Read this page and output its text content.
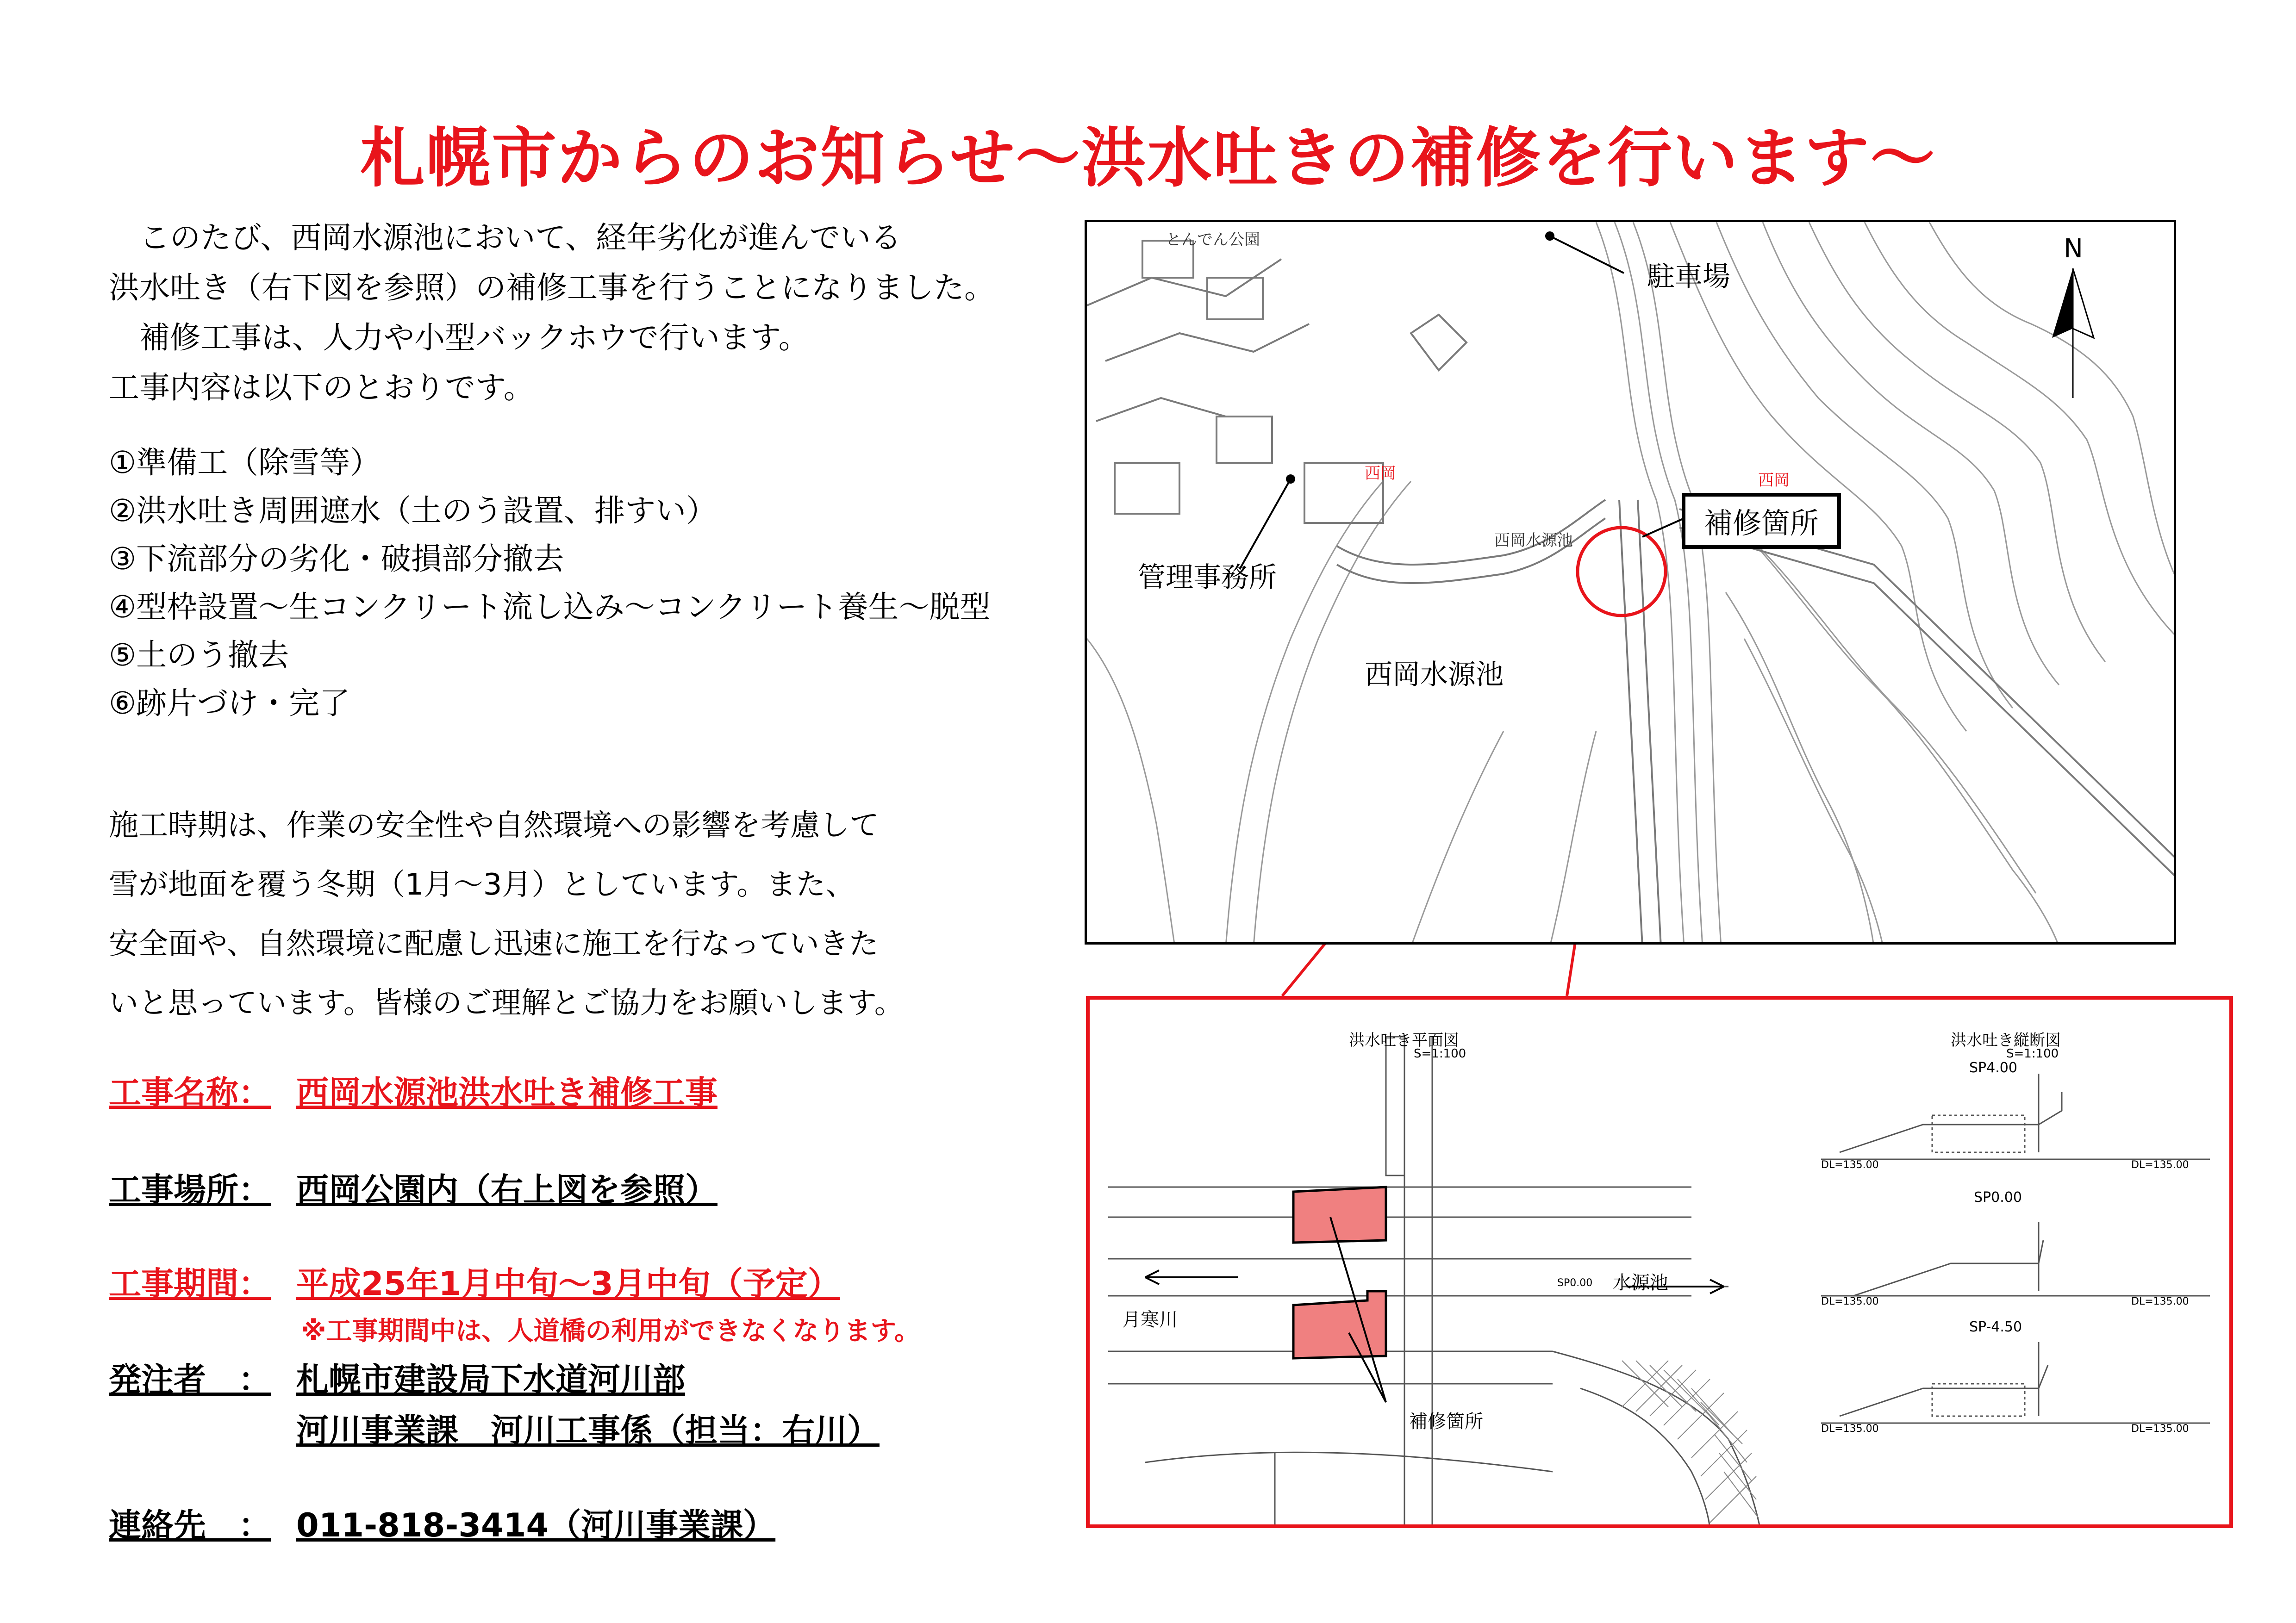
札幌市からのお知らせ～洪水吐きの補修を行います～
　このたび、西岡水源池において、経年劣化が進んでいる
洪水吐き（右下図を参照）の補修工事を行うことになりました。
　補修工事は、人力や小型バックホウで行います。
工事内容は以下のとおりです。
①準備工（除雪等）
②洪水吐き周囲遮水（土のう設置、排すい）
③下流部分の劣化・破損部分撤去
④型枠設置～生コンクリート流し込み～コンクリート養生～脱型
⑤土のう撤去
⑥跡片づけ・完了
施工時期は、作業の安全性や自然環境への影響を考慮して
雪が地面を覆う冬期（1月～3月）としています。また、
安全面や、自然環境に配慮し迅速に施工を行なっていきた
いと思っています。皆様のご理解とご協力をお願いします。
工事名称： 西岡水源池洪水吐き補修工事
工事場所： 西岡公園内（右上図を参照）
工事期間： 平成25年1月中旬～3月中旬（予定）
※工事期間中は、人道橋の利用ができなくなります。
発注者　： 札幌市建設局下水道河川部
河川事業課　河川工事係（担当：右川）
連絡先　： 011-818-3414（河川事業課）
とんでん公園
西岡
西岡
西岡水源池
駐車場
N
補修箇所
管理事務所
西岡水源池
洪水吐き平面図
S=1:100
洪水吐き縦断図
S=1:100
SP4.00
SP0.00
SP-4.50
DL=135.00	DL=135.00
DL=135.00	DL=135.00
DL=135.00	DL=135.00
SP0.00 水源池
月寒川
補修箇所
